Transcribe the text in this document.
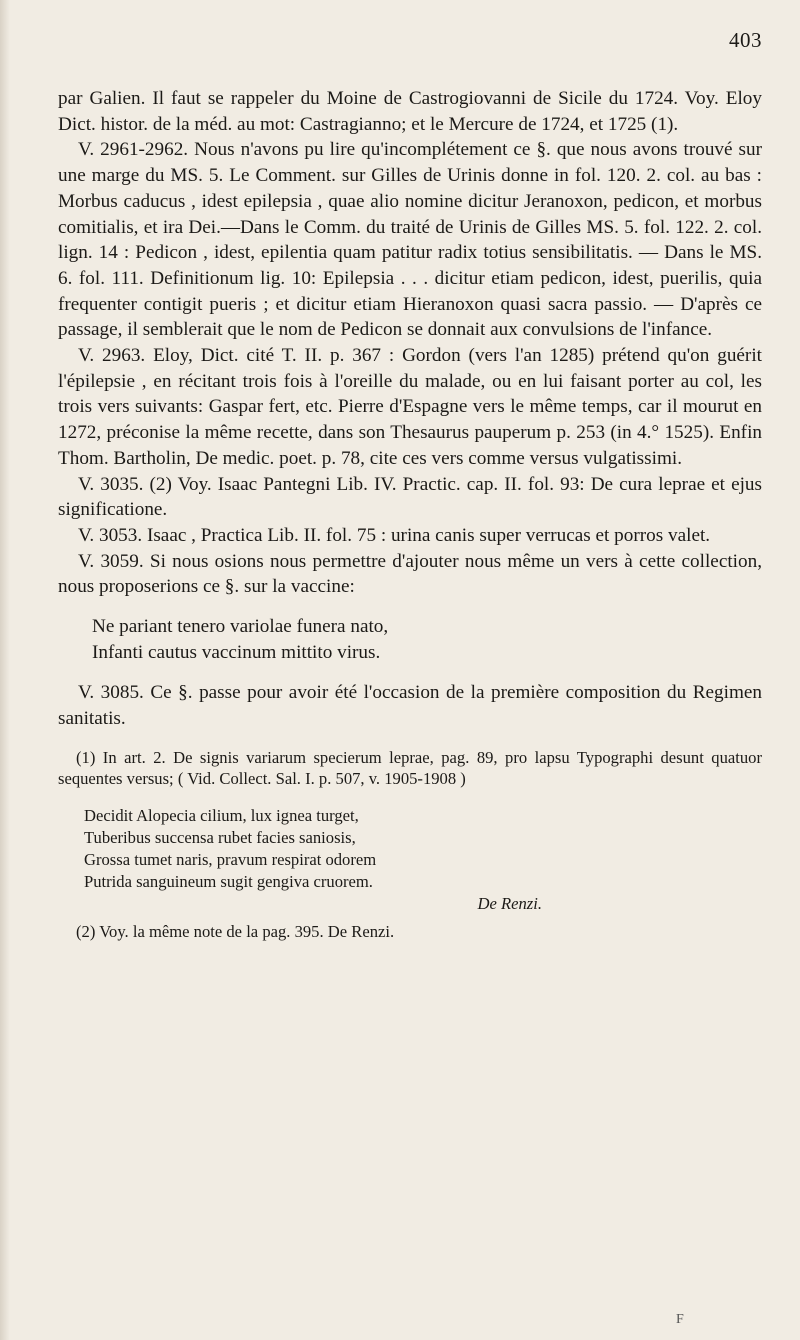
403

par Galien. Il faut se rappeler du Moine de Castrogiovanni de Sicile du 1724. Voy. Eloy Dict. histor. de la méd. au mot: Castragianno; et le Mercure de 1724, et 1725 (1).

V. 2961-2962. Nous n'avons pu lire qu'incomplétement ce §. que nous avons trouvé sur une marge du MS. 5. Le Comment. sur Gilles de Urinis donne in fol. 120. 2. col. au bas : Morbus caducus , idest epilepsia , quae alio nomine dicitur Jeranoxon, pedicon, et morbus comitialis, et ira Dei.—Dans le Comm. du traité de Urinis de Gilles MS. 5. fol. 122. 2. col. lign. 14 : Pedicon , idest, epilentia quam patitur radix totius sensibilitatis. — Dans le MS. 6. fol. 111. Definitionum lig. 10: Epilepsia . . . dicitur etiam pedicon, idest, puerilis, quia frequenter contigit pueris ; et dicitur etiam Hieranoxon quasi sacra passio. — D'après ce passage, il semblerait que le nom de Pedicon se donnait aux convulsions de l'infance.

V. 2963. Eloy, Dict. cité T. II. p. 367 : Gordon (vers l'an 1285) prétend qu'on guérit l'épilepsie , en récitant trois fois à l'oreille du malade, ou en lui faisant porter au col, les trois vers suivants: Gaspar fert, etc. Pierre d'Espagne vers le même temps, car il mourut en 1272, préconise la même recette, dans son Thesaurus pauperum p. 253 (in 4.° 1525). Enfin Thom. Bartholin, De medic. poet. p. 78, cite ces vers comme versus vulgatissimi.

V. 3035. (2) Voy. Isaac Pantegni Lib. IV. Practic. cap. II. fol. 93: De cura leprae et ejus significatione.

V. 3053. Isaac , Practica Lib. II. fol. 75 : urina canis super verrucas et porros valet.

V. 3059. Si nous osions nous permettre d'ajouter nous même un vers à cette collection, nous proposerions ce §. sur la vaccine:

Ne pariant tenero variolae funera nato,
Infanti cautus vaccinum mittito virus.

V. 3085. Ce §. passe pour avoir été l'occasion de la première composition du Regimen sanitatis.

(1) In art. 2. De signis variarum specierum leprae, pag. 89, pro lapsu Typographi desunt quatuor sequentes versus; ( Vid. Collect. Sal. I. p. 507, v. 1905-1908 )

Decidit Alopecia cilium, lux ignea turget,
Tuberibus succensa rubet facies saniosis,
Grossa tumet naris, pravum respirat odorem
Putrida sanguineum sugit gengiva cruorem.
De Renzi.

(2) Voy. la même note de la pag. 395. De Renzi.

F
